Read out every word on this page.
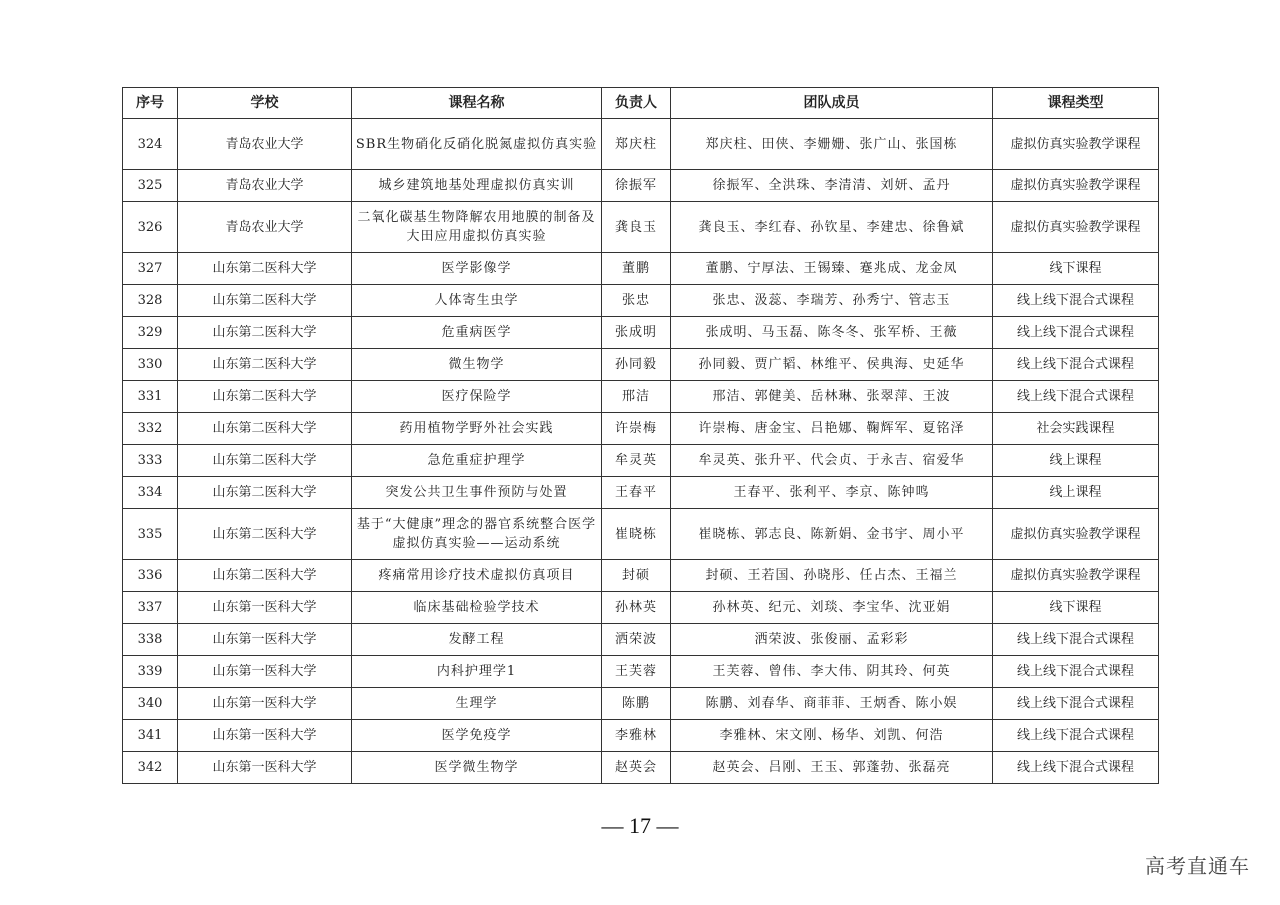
序号	学校	课程名称	负责人	团队成员	课程类型
324	青岛农业大学	SBR生物硝化反硝化脱氮虚拟仿真实验	郑庆柱	郑庆柱、田侠、李姗姗、张广山、张国栋	虚拟仿真实验教学课程
325	青岛农业大学	城乡建筑地基处理虚拟仿真实训	徐振军	徐振军、全洪珠、李清清、刘妍、孟丹	虚拟仿真实验教学课程
326	青岛农业大学	二氧化碳基生物降解农用地膜的制备及大田应用虚拟仿真实验	龚良玉	龚良玉、李红春、孙钦星、李建忠、徐鲁斌	虚拟仿真实验教学课程
327	山东第二医科大学	医学影像学	董鹏	董鹏、宁厚法、王锡臻、蹇兆成、龙金凤	线下课程
328	山东第二医科大学	人体寄生虫学	张忠	张忠、汲蕊、李瑞芳、孙秀宁、管志玉	线上线下混合式课程
329	山东第二医科大学	危重病医学	张成明	张成明、马玉磊、陈冬冬、张军桥、王薇	线上线下混合式课程
330	山东第二医科大学	微生物学	孙同毅	孙同毅、贾广韬、林维平、侯典海、史延华	线上线下混合式课程
331	山东第二医科大学	医疗保险学	邢洁	邢洁、郭健美、岳林琳、张翠萍、王波	线上线下混合式课程
332	山东第二医科大学	药用植物学野外社会实践	许崇梅	许崇梅、唐金宝、吕艳娜、鞠辉军、夏铭泽	社会实践课程
333	山东第二医科大学	急危重症护理学	牟灵英	牟灵英、张升平、代会贞、于永吉、宿爱华	线上课程
334	山东第二医科大学	突发公共卫生事件预防与处置	王春平	王春平、张利平、李京、陈钟鸣	线上课程
335	山东第二医科大学	基于“大健康”理念的器官系统整合医学虚拟仿真实验——运动系统	崔晓栋	崔晓栋、郭志良、陈新娟、金书宇、周小平	虚拟仿真实验教学课程
336	山东第二医科大学	疼痛常用诊疗技术虚拟仿真项目	封硕	封硕、王若国、孙晓彤、任占杰、王福兰	虚拟仿真实验教学课程
337	山东第一医科大学	临床基础检验学技术	孙林英	孙林英、纪元、刘琰、李宝华、沈亚娟	线下课程
338	山东第一医科大学	发酵工程	洒荣波	洒荣波、张俊丽、孟彩彩	线上线下混合式课程
339	山东第一医科大学	内科护理学1	王芙蓉	王芙蓉、曾伟、李大伟、阴其玲、何英	线上线下混合式课程
340	山东第一医科大学	生理学	陈鹏	陈鹏、刘春华、商菲菲、王炳香、陈小娱	线上线下混合式课程
341	山东第一医科大学	医学免疫学	李雅林	李雅林、宋文刚、杨华、刘凯、何浩	线上线下混合式课程
342	山东第一医科大学	医学微生物学	赵英会	赵英会、吕刚、王玉、郭蓬勃、张磊亮	线上线下混合式课程
— 17 —
高考直通车
